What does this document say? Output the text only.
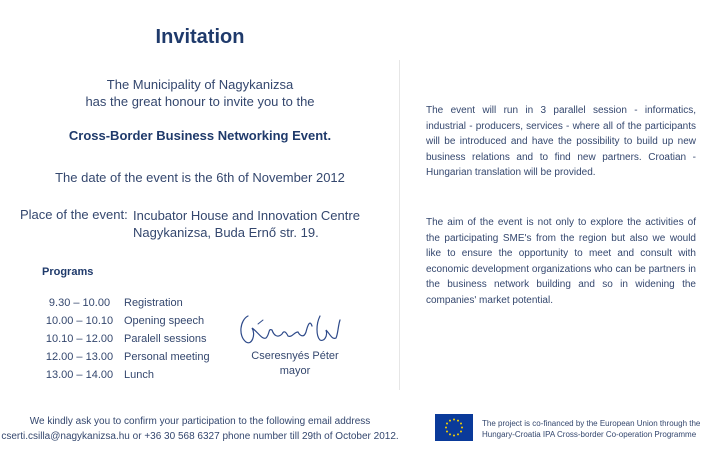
Invitation
The Municipality of Nagykanizsa
has the great honour to invite you to the
Cross-Border Business Networking Event.
The date of the event is the 6th of November 2012
Place of the event: Incubator House and Innovation Centre
Nagykanizsa, Buda Ernő str. 19.
Programs
9.30 – 10.00	Registration
10.00 – 10.10 Opening speech
10.10 – 12.00 Paralell sessions
12.00 – 13.00 Personal meeting
13.00 – 14.00 Lunch
Cseresnyés Péter
mayor
We kindly ask you to confirm your participation to the following email address
cserti.csilla@nagykanizsa.hu or +36 30 568 6327 phone number till 29th of October 2012.
The event will run in 3 parallel session - informatics, industrial - producers, services - where all of the participants will be introduced and have the possibility to build up new business relations and to find new partners. Croatian - Hungarian translation will be provided.
The aim of the event is not only to explore the activities of the participating SME's from the region but also we would like to ensure the opportunity to meet and consult with economic development organizations who can be partners in the business network building and so in widening the companies' market potential.
The project is co-financed by the European Union through the
Hungary-Croatia IPA Cross-border Co-operation Programme
